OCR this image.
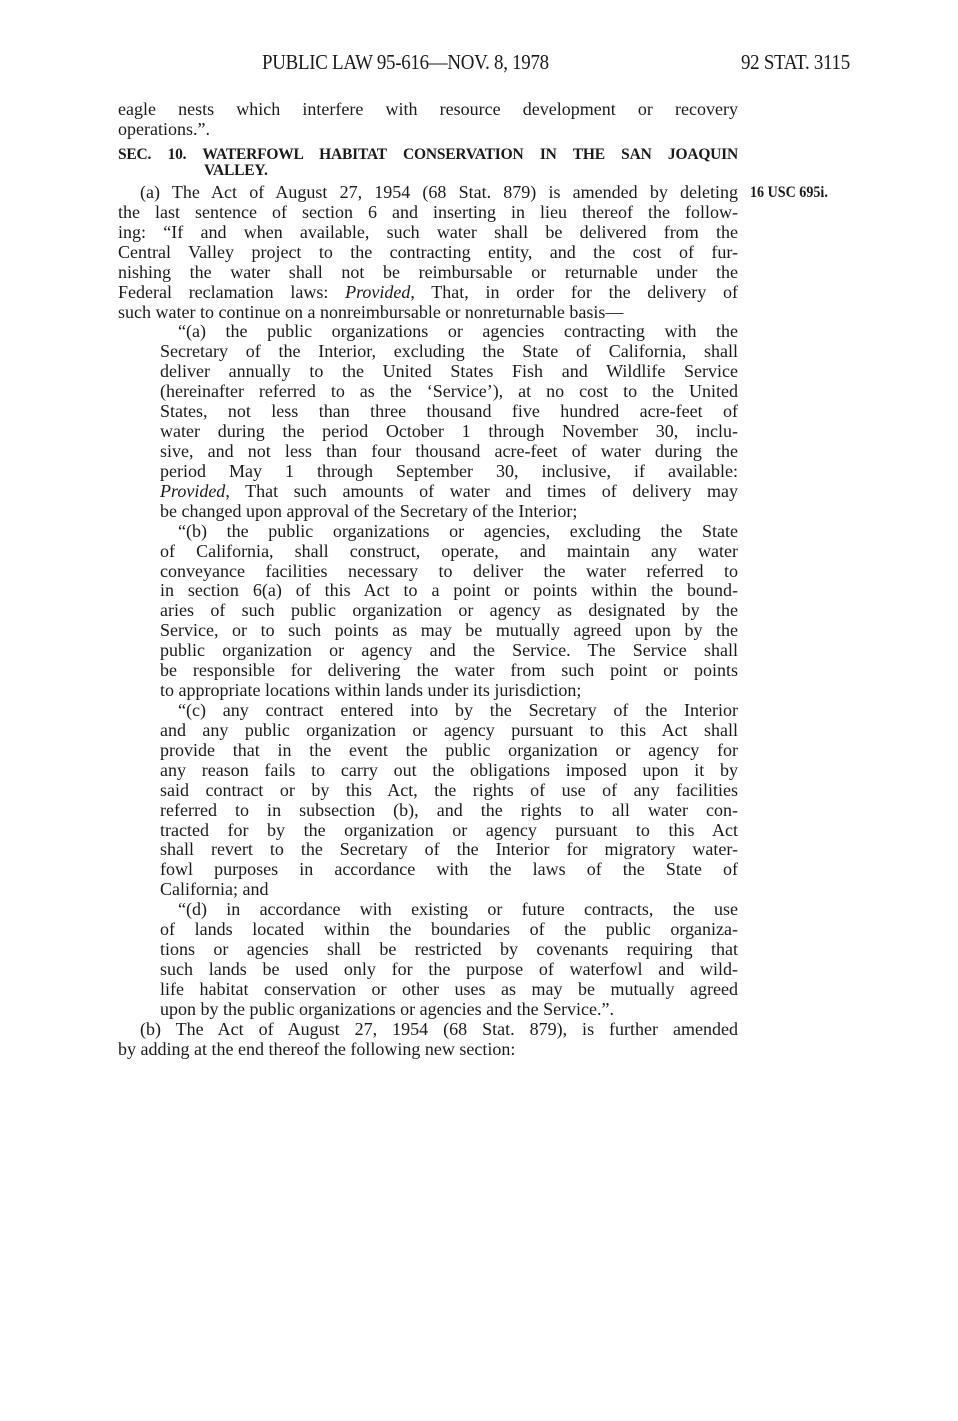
PUBLIC LAW 95-616—NOV. 8, 1978	92 STAT. 3115
eagle nests which interfere with resource development or recovery
operations.”.
SEC. 10. WATERFOWL HABITAT CONSERVATION IN THE SAN JOAQUIN
VALLEY.
16 USC 695i.
(a) The Act of August 27, 1954 (68 Stat. 879) is amended by deleting
the last sentence of section 6 and inserting in lieu thereof the follow-
ing: “If and when available, such water shall be delivered from the
Central Valley project to the contracting entity, and the cost of fur-
nishing the water shall not be reimbursable or returnable under the
Federal reclamation laws: Provided, That, in order for the delivery of
such water to continue on a nonreimbursable or nonreturnable basis—
“(a) the public organizations or agencies contracting with the
Secretary of the Interior, excluding the State of California, shall
deliver annually to the United States Fish and Wildlife Service
(hereinafter referred to as the ‘Service’), at no cost to the United
States, not less than three thousand five hundred acre-feet of
water during the period October 1 through November 30, inclu-
sive, and not less than four thousand acre-feet of water during the
period May 1 through September 30, inclusive, if available:
Provided, That such amounts of water and times of delivery may
be changed upon approval of the Secretary of the Interior;
“(b) the public organizations or agencies, excluding the State
of California, shall construct, operate, and maintain any water
conveyance facilities necessary to deliver the water referred to
in section 6(a) of this Act to a point or points within the bound-
aries of such public organization or agency as designated by the
Service, or to such points as may be mutually agreed upon by the
public organization or agency and the Service. The Service shall
be responsible for delivering the water from such point or points
to appropriate locations within lands under its jurisdiction;
“(c) any contract entered into by the Secretary of the Interior
and any public organization or agency pursuant to this Act shall
provide that in the event the public organization or agency for
any reason fails to carry out the obligations imposed upon it by
said contract or by this Act, the rights of use of any facilities
referred to in subsection (b), and the rights to all water con-
tracted for by the organization or agency pursuant to this Act
shall revert to the Secretary of the Interior for migratory water-
fowl purposes in accordance with the laws of the State of
California; and
“(d) in accordance with existing or future contracts, the use
of lands located within the boundaries of the public organiza-
tions or agencies shall be restricted by covenants requiring that
such lands be used only for the purpose of waterfowl and wild-
life habitat conservation or other uses as may be mutually agreed
upon by the public organizations or agencies and the Service.”.
(b) The Act of August 27, 1954 (68 Stat. 879), is further amended
by adding at the end thereof the following new section:
